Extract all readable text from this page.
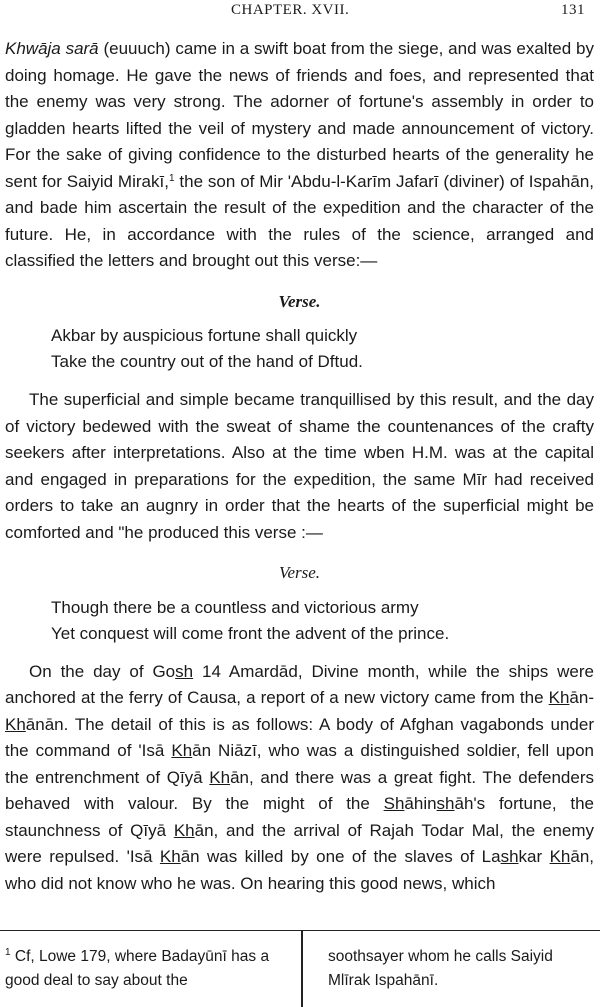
CHAPTER. XVII.	131

Khwāja sarā (euuuch) came in a swift boat from the siege, and was exalted by doing homage. He gave the news of friends and foes, and represented that the enemy was very strong. The adorner of fortune's assembly in order to gladden hearts lifted the veil of mystery and made announcement of victory. For the sake of giving confidence to the disturbed hearts of the generality he sent for Saiyid Mirakī,$^1$ the son of Mir 'Abdu-l-Karīm Jafarī (diviner) of Ispahān, and bade him ascertain the result of the expedition and the character of the future. He, in accordance with the rules of the science, arranged and classified the letters and brought out this verse:—

Verse.
Akbar by auspicious fortune shall quickly
Take the country out of the hand of Dftud.

The superficial and simple became tranquillised by this result, and the day of victory bedewed with the sweat of shame the countenances of the crafty seekers after interpretations. Also at the time wben H.M. was at the capital and engaged in preparations for the expedition, the same Mīr had received orders to take an augnry in order that the hearts of the superficial might be comforted and "he produced this verse :—

Verse.
Though there be a countless and victorious army
Yet conquest will come front the advent of the prince.

On the day of Gosh 14 Amardād, Divine month, while the ships were anchored at the ferry of Causa, a report of a new victory came from the Khān-Khānān. The detail of this is as follows: A body of Afghan vagabonds under the command of 'Isā Khān Niāzī, who was a distinguished soldier, fell upon the entrenchment of Qīyā Khān, and there was a great fight. The defenders behaved with valour. By the might of the Shāhinshāh's fortune, the staunchness of Qīyā Khān, and the arrival of Rajah Todar Mal, the enemy were repulsed. 'Isā Khān was killed by one of the slaves of Lashkar Khān, who did not know who he was. On hearing this good news, which

$^1$ Cf, Lowe 179, where Badayūnī has a good deal to say about the
soothsayer whom he calls Saiyid Mlīrak Ispahānī.
